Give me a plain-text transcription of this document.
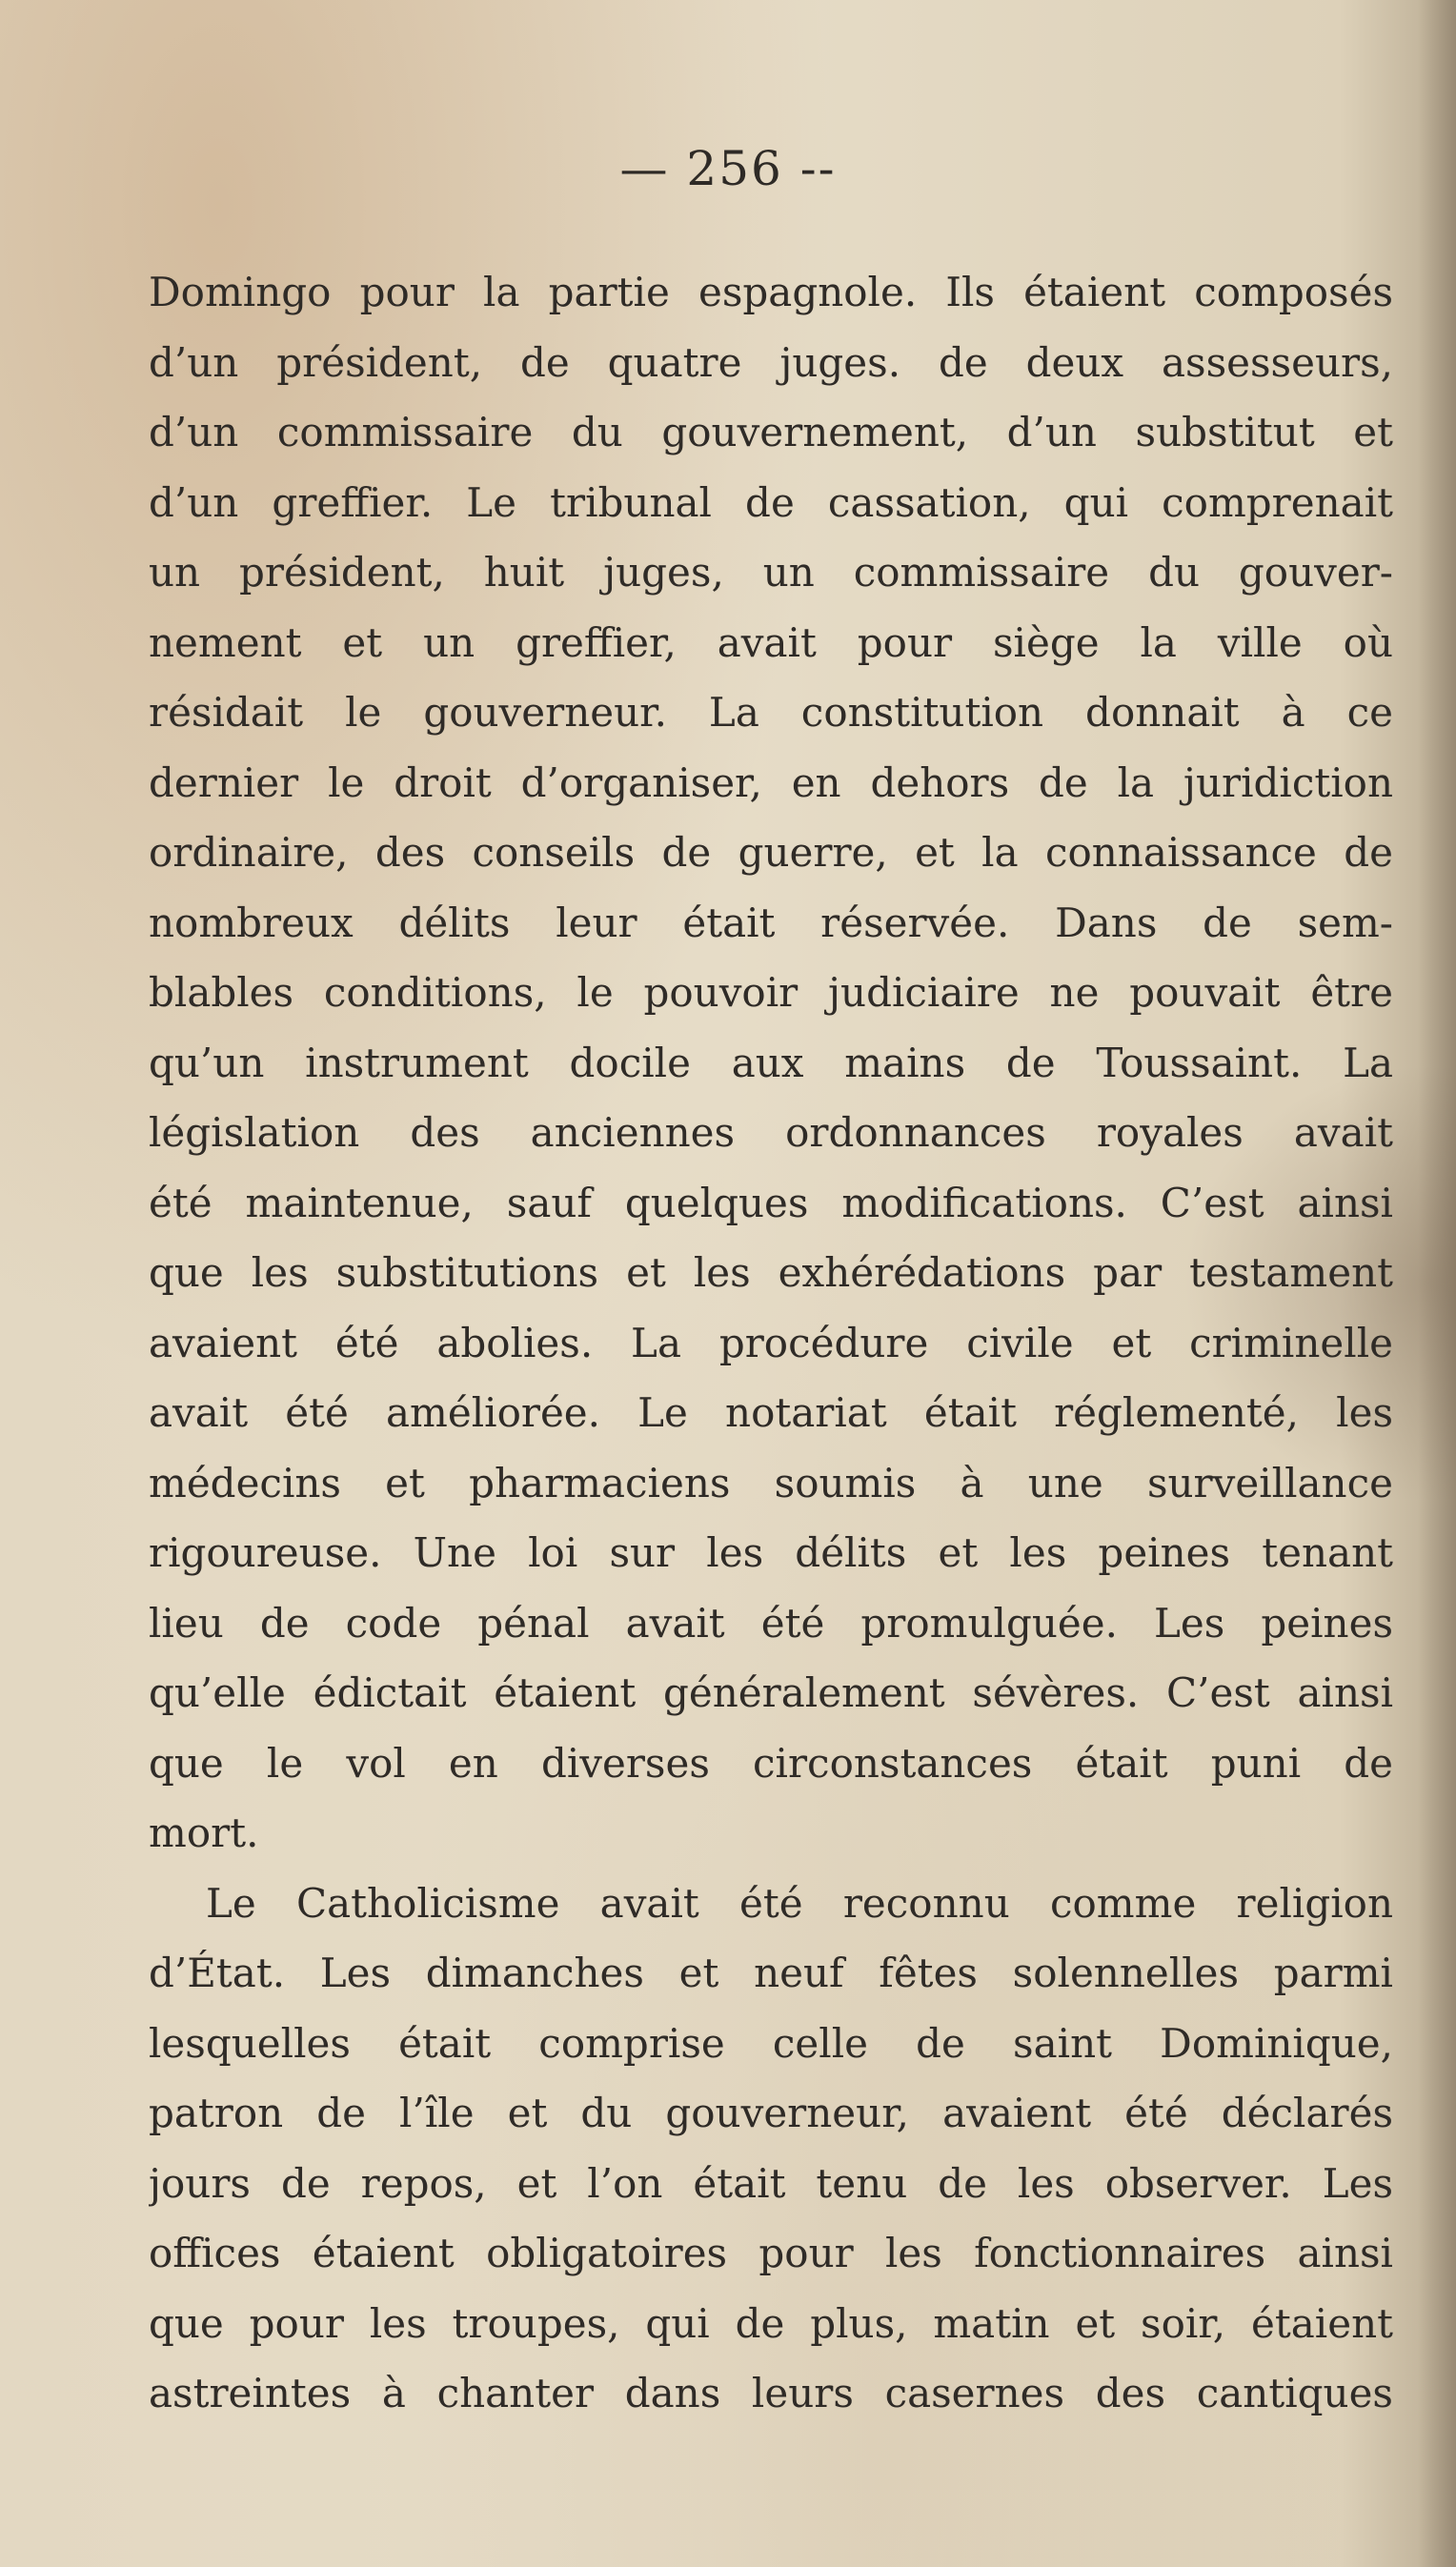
— 256 --
Domingo pour la partie espagnole. Ils étaient composés
d’un président, de quatre juges. de deux assesseurs,
d’un commissaire du gouvernement, d’un substitut et
d’un greffier. Le tribunal de cassation, qui comprenait
un président, huit juges, un commissaire du gouver-
nement et un greffier, avait pour siège la ville où
résidait le gouverneur. La constitution donnait à ce
dernier le droit d’organiser, en dehors de la juridiction
ordinaire, des conseils de guerre, et la connaissance de
nombreux délits leur était réservée. Dans de sem-
blables conditions, le pouvoir judiciaire ne pouvait être
qu’un instrument docile aux mains de Toussaint. La
législation des anciennes ordonnances royales avait
été maintenue, sauf quelques modifications. C’est ainsi
que les substitutions et les exhérédations par testament
avaient été abolies. La procédure civile et criminelle
avait été améliorée. Le notariat était réglementé, les
médecins et pharmaciens soumis à une surveillance
rigoureuse. Une loi sur les délits et les peines tenant
lieu de code pénal avait été promulguée. Les peines
qu’elle édictait étaient généralement sévères. C’est ainsi
que le vol en diverses circonstances était puni de
mort.
Le Catholicisme avait été reconnu comme religion
d’État. Les dimanches et neuf fêtes solennelles parmi
lesquelles était comprise celle de saint Dominique,
patron de l’île et du gouverneur, avaient été déclarés
jours de repos, et l’on était tenu de les observer. Les
offices étaient obligatoires pour les fonctionnaires ainsi
que pour les troupes, qui de plus, matin et soir, étaient
astreintes à chanter dans leurs casernes des cantiques
